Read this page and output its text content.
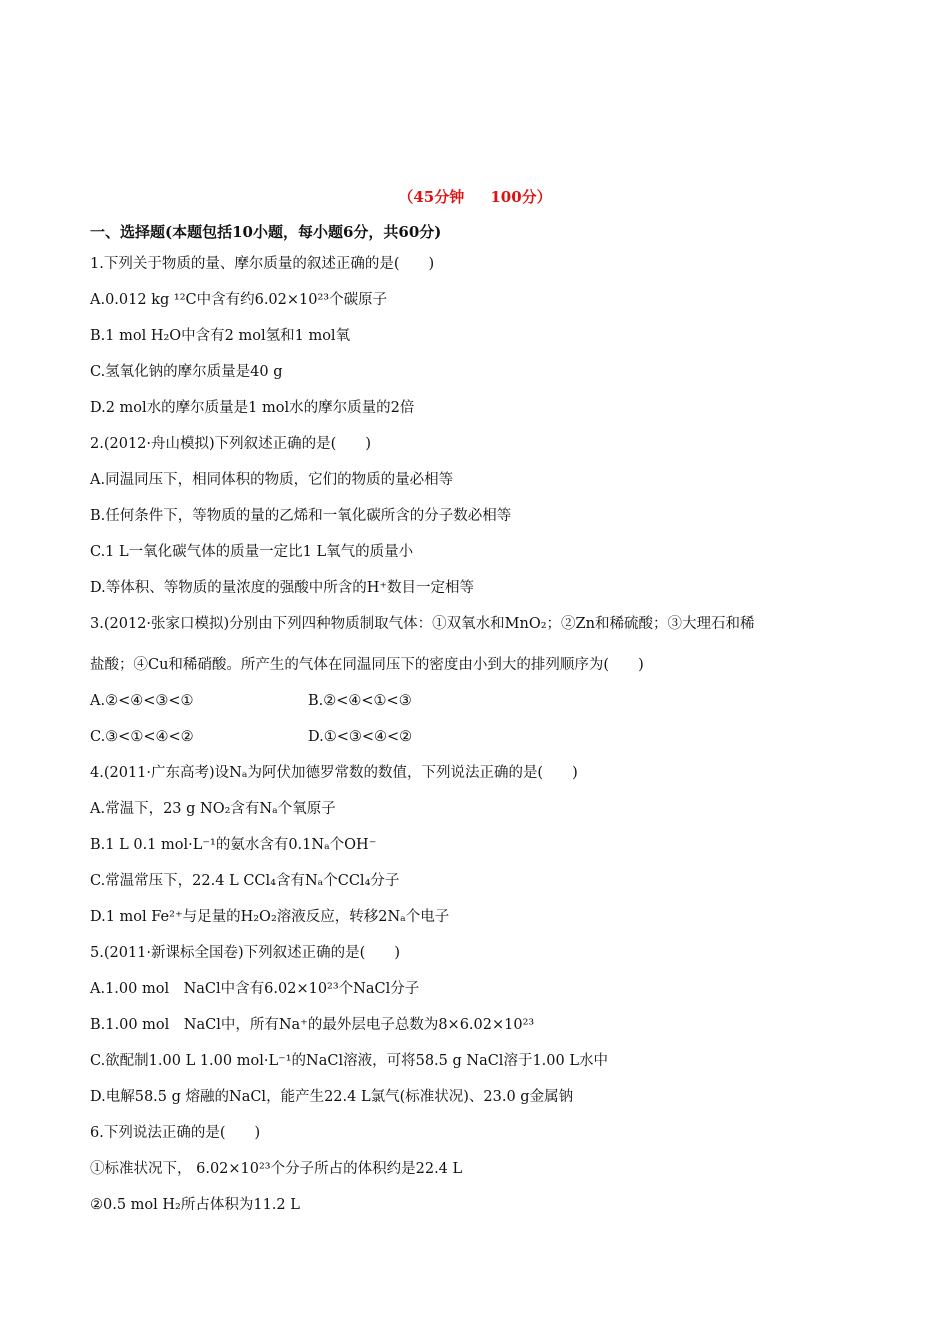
（45分钟     100分）
一、选择题(本题包括10小题，每小题6分，共60分)
1.下列关于物质的量、摩尔质量的叙述正确的是(　　)
A.0.012 kg ¹²C中含有约6.02×10²³个碳原子
B.1 mol H₂O中含有2 mol氢和1 mol氧
C.氢氧化钠的摩尔质量是40 g
D.2 mol水的摩尔质量是1 mol水的摩尔质量的2倍
2.(2012·舟山模拟)下列叙述正确的是(　　)
A.同温同压下，相同体积的物质，它们的物质的量必相等
B.任何条件下，等物质的量的乙烯和一氧化碳所含的分子数必相等
C.1 L一氧化碳气体的质量一定比1 L氧气的质量小
D.等体积、等物质的量浓度的强酸中所含的H⁺数目一定相等
3.(2012·张家口模拟)分别由下列四种物质制取气体：①双氧水和MnO₂；②Zn和稀硫酸；③大理石和稀
盐酸；④Cu和稀硝酸。所产生的气体在同温同压下的密度由小到大的排列顺序为(　　)
A.②<④<③<①	B.②<④<①<③
C.③<①<④<②	D.①<③<④<②
4.(2011·广东高考)设Nₐ为阿伏加德罗常数的数值，下列说法正确的是(　　)
A.常温下，23 g NO₂含有Nₐ个氧原子
B.1 L 0.1 mol·L⁻¹的氨水含有0.1Nₐ个OH⁻
C.常温常压下，22.4 L CCl₄含有Nₐ个CCl₄分子
D.1 mol Fe²⁺与足量的H₂O₂溶液反应，转移2Nₐ个电子
5.(2011·新课标全国卷)下列叙述正确的是(　　)
A.1.00 mol　NaCl中含有6.02×10²³个NaCl分子
B.1.00 mol　NaCl中，所有Na⁺的最外层电子总数为8×6.02×10²³
C.欲配制1.00 L 1.00 mol·L⁻¹的NaCl溶液，可将58.5 g NaCl溶于1.00 L水中
D.电解58.5 g 熔融的NaCl，能产生22.4 L氯气(标准状况)、23.0 g金属钠
6.下列说法正确的是(　　)
①标准状况下， 6.02×10²³个分子所占的体积约是22.4 L
②0.5 mol H₂所占体积为11.2 L
